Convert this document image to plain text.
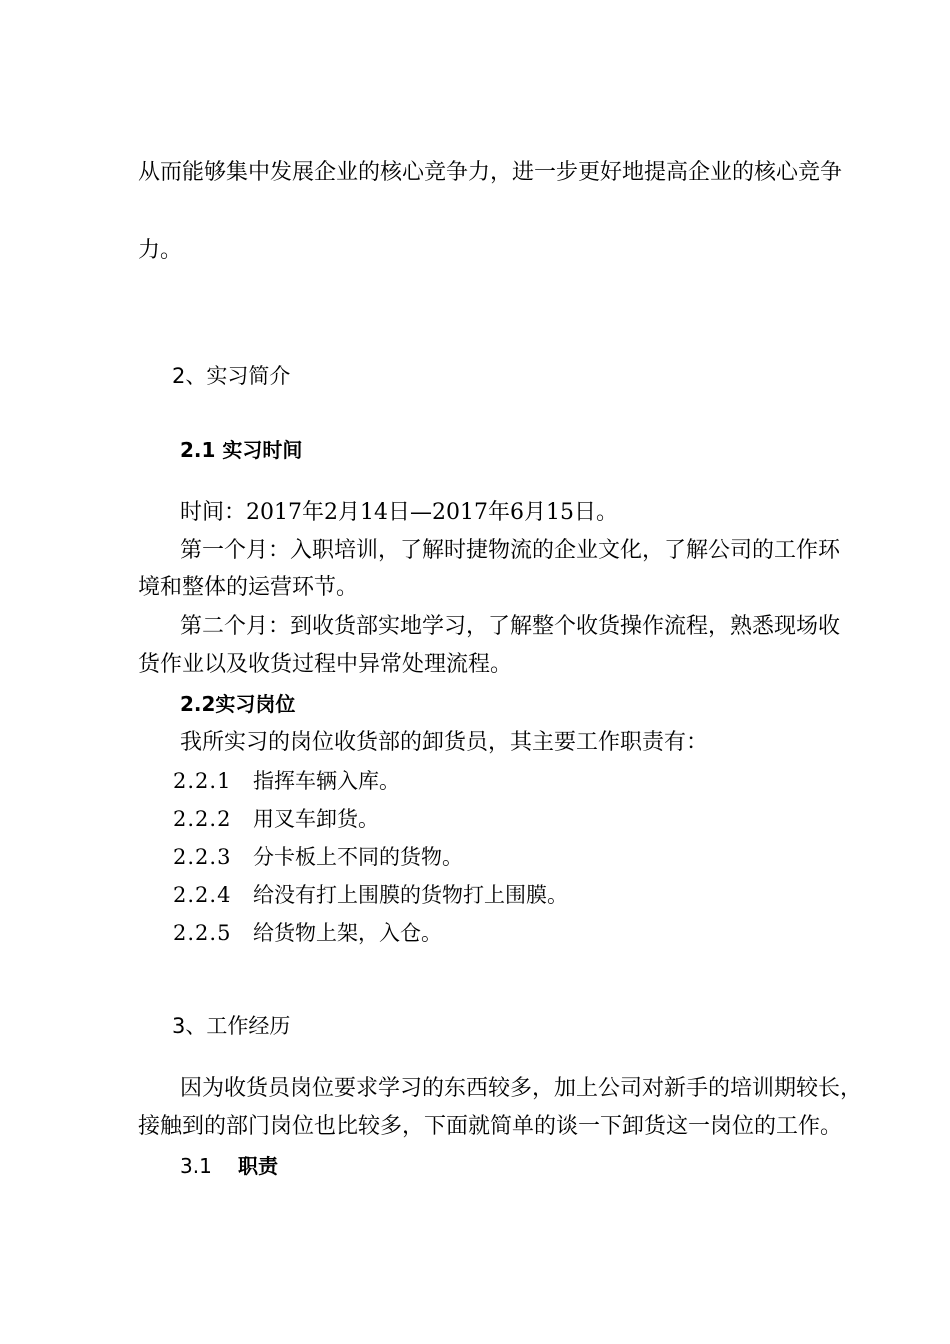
从而能够集中发展企业的核心竞争力，进一步更好地提高企业的核心竞争
力。
2、实习简介
2.1 实习时间
时间：2017年2月14日—2017年6月15日。
第一个月：入职培训，了解时捷物流的企业文化，了解公司的工作环
境和整体的运营环节。
第二个月：到收货部实地学习，了解整个收货操作流程，熟悉现场收
货作业以及收货过程中异常处理流程。
2.2实习岗位
我所实习的岗位收货部的卸货员，其主要工作职责有：
2.2.1 指挥车辆入库。
2.2.2 用叉车卸货。
2.2.3 分卡板上不同的货物。
2.2.4 给没有打上围膜的货物打上围膜。
2.2.5 给货物上架，入仓。
3、工作经历
因为收货员岗位要求学习的东西较多，加上公司对新手的培训期较长，
接触到的部门岗位也比较多，下面就简单的谈一下卸货这一岗位的工作。
3.1 职责
